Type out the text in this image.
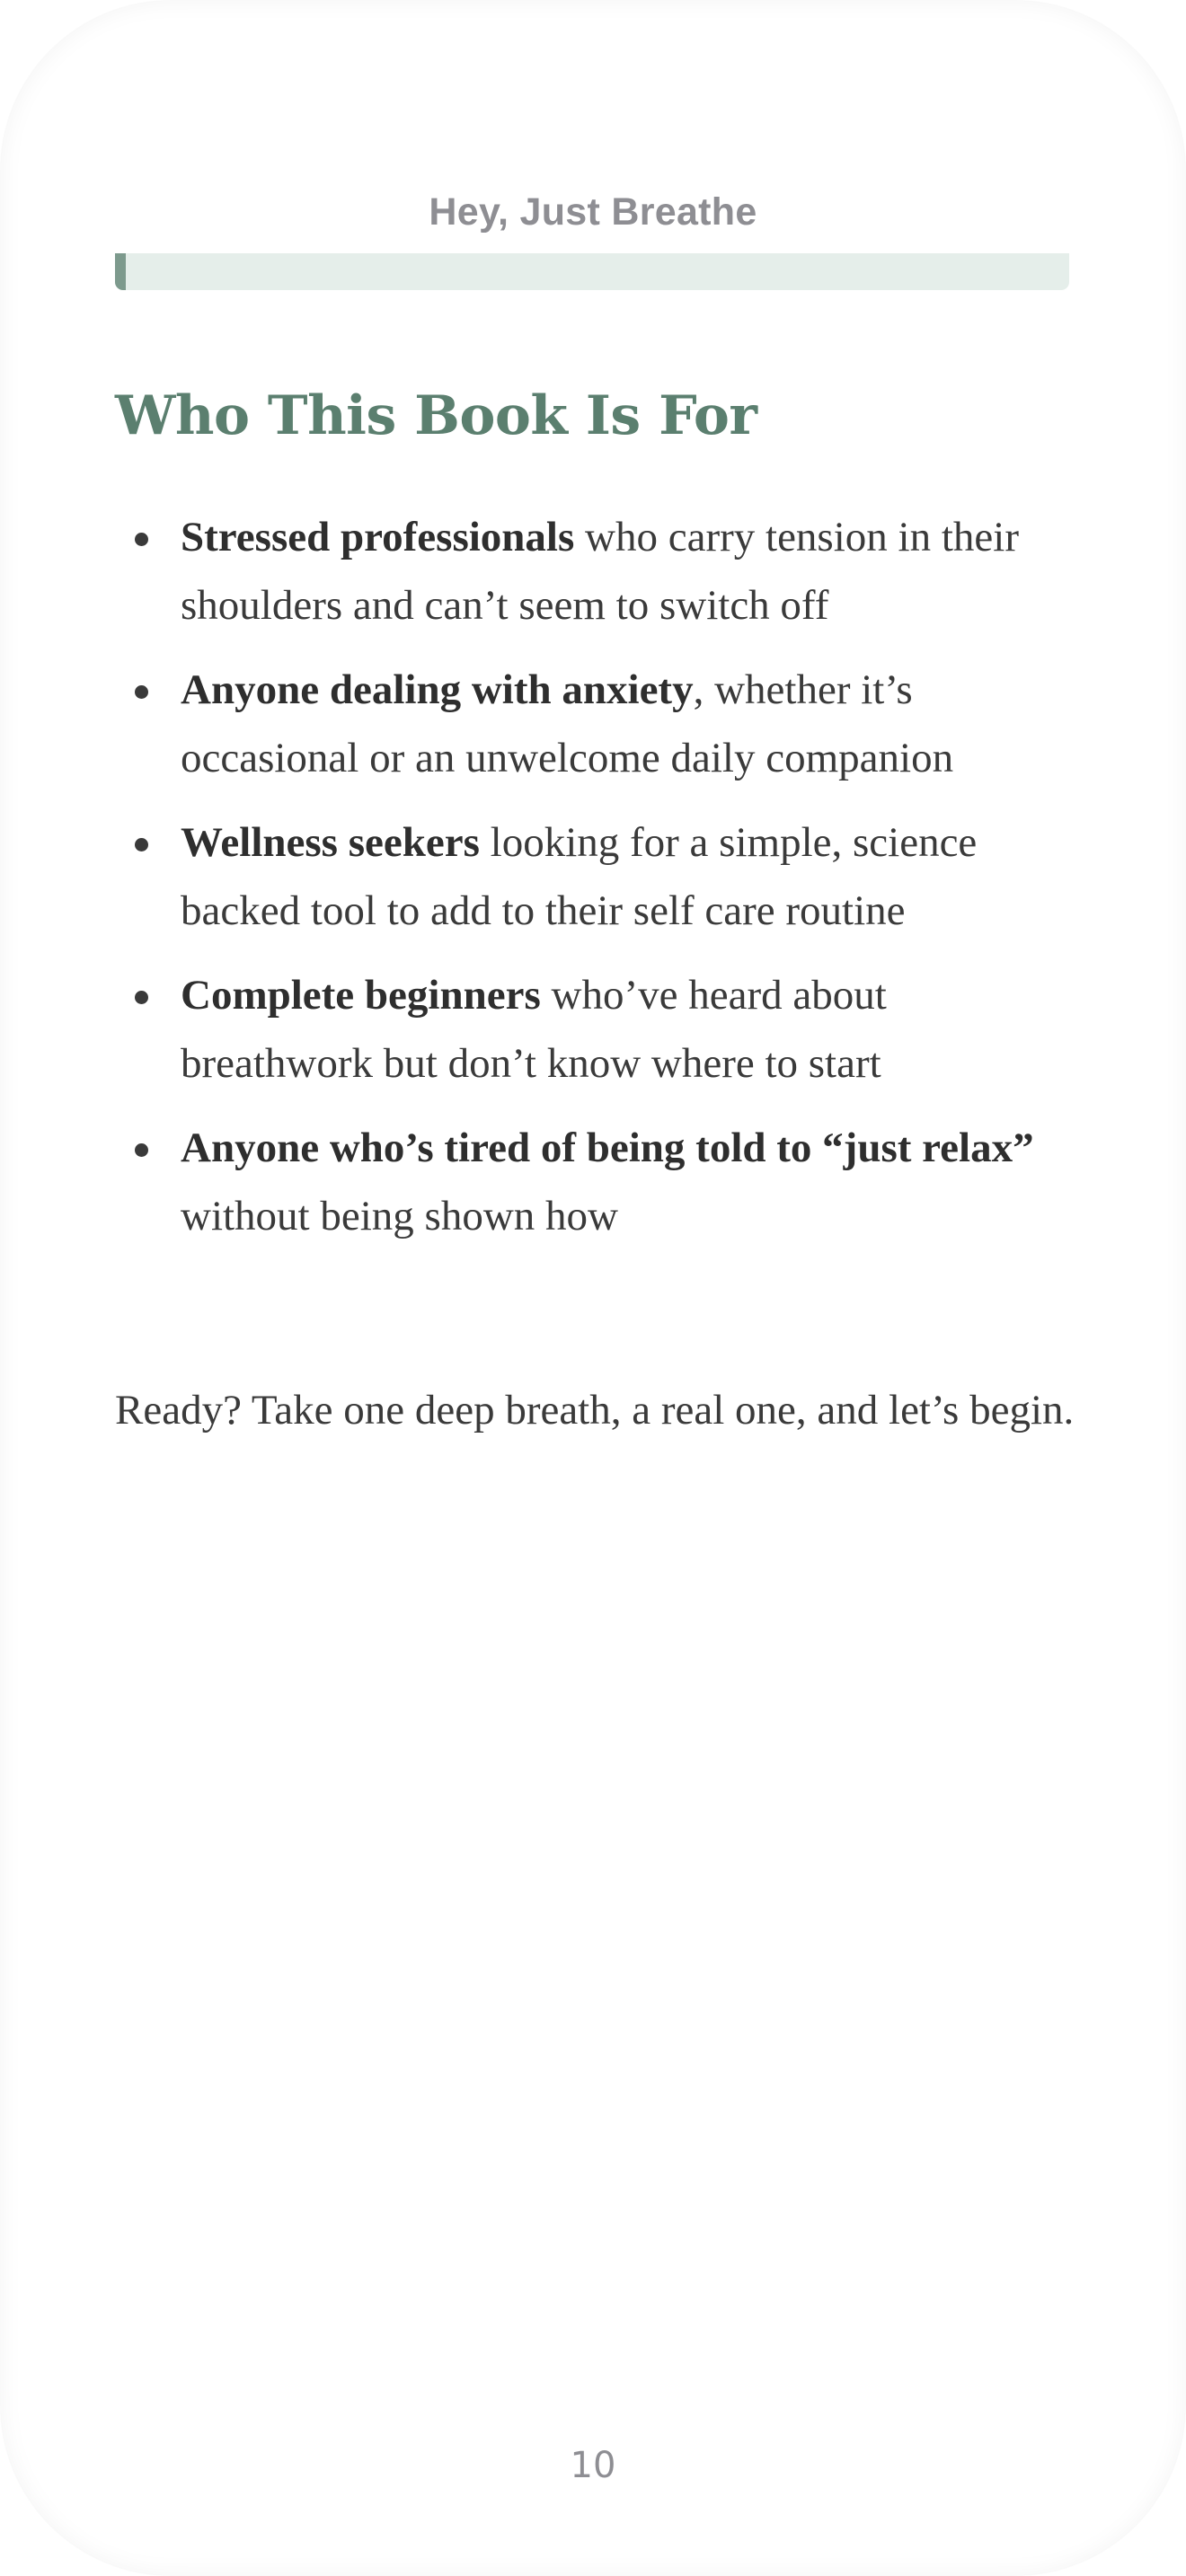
Hey, Just Breathe
Who This Book Is For
Stressed professionals who carry tension in their shoulders and can’t seem to switch off
Anyone dealing with anxiety, whether it’s occasional or an unwelcome daily companion
Wellness seekers looking for a simple, science backed tool to add to their self care routine
Complete beginners who’ve heard about breathwork but don’t know where to start
Anyone who’s tired of being told to “just relax” without being shown how

Ready? Take one deep breath, a real one, and let’s begin.

10
